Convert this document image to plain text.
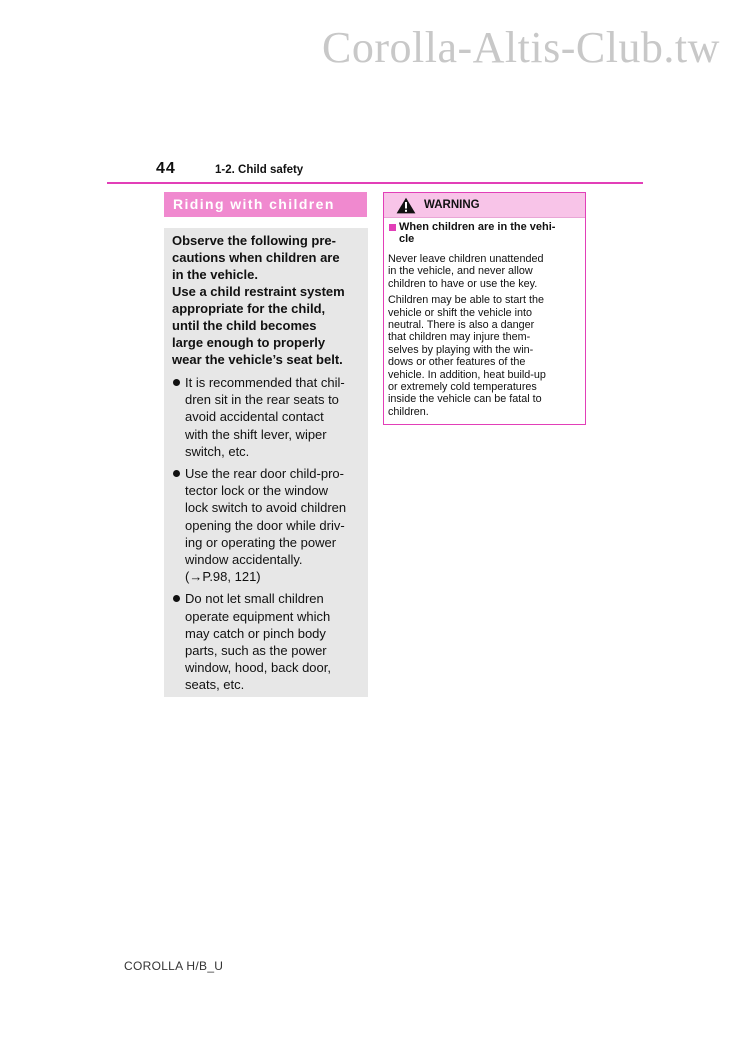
Corolla-Altis-Club.tw
44	1-2. Child safety
Riding with children

Observe the following pre-
cautions when children are
in the vehicle.
Use a child restraint system
appropriate for the child,
until the child becomes
large enough to properly
wear the vehicle’s seat belt.

It is recommended that chil-
dren sit in the rear seats to
avoid accidental contact
with the shift lever, wiper
switch, etc.
Use the rear door child-pro-
tector lock or the window
lock switch to avoid children
opening the door while driv-
ing or operating the power
window accidentally.
(→P.98, 121)
Do not let small children
operate equipment which
may catch or pinch body
parts, such as the power
window, hood, back door,
seats, etc.
WARNING

When children are in the vehi-
cle

Never leave children unattended
in the vehicle, and never allow
children to have or use the key.

Children may be able to start the
vehicle or shift the vehicle into
neutral. There is also a danger
that children may injure them-
selves by playing with the win-
dows or other features of the
vehicle. In addition, heat build-up
or extremely cold temperatures
inside the vehicle can be fatal to
children.

COROLLA H/B_U
